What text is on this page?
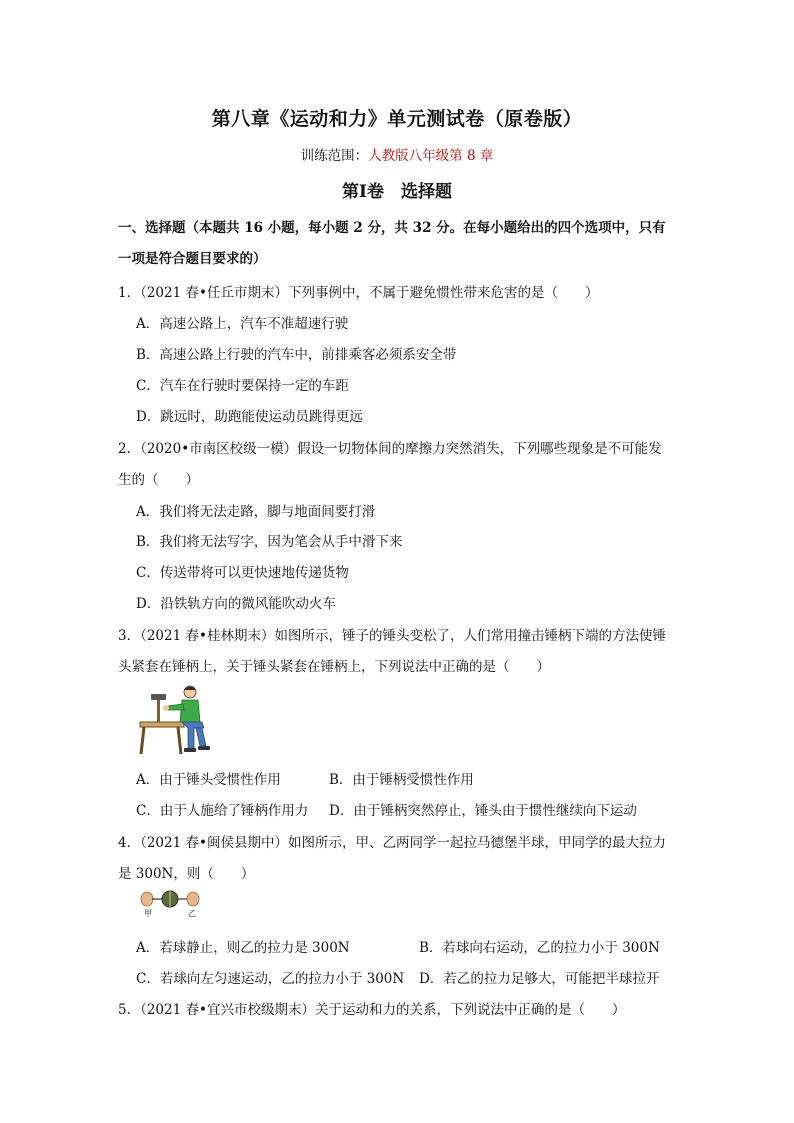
第八章《运动和力》单元测试卷（原卷版）
训练范围：人教版八年级第 8 章
第Ⅰ卷　选择题
一、选择题（本题共 16 小题，每小题 2 分，共 32 分。在每小题给出的四个选项中，只有
一项是符合题目要求的）
1．（2021 春•任丘市期末）下列事例中，不属于避免惯性带来危害的是（　　）
A．高速公路上，汽车不准超速行驶
B．高速公路上行驶的汽车中，前排乘客必须系安全带
C．汽车在行驶时要保持一定的车距
D．跳远时，助跑能使运动员跳得更远
2．（2020•市南区校级一模）假设一切物体间的摩擦力突然消失，下列哪些现象是不可能发
生的（　　）
A．我们将无法走路，脚与地面间要打滑
B．我们将无法写字，因为笔会从手中滑下来
C．传送带将可以更快速地传递货物
D．沿铁轨方向的微风能吹动火车
3．（2021 春•桂林期末）如图所示，锤子的锤头变松了，人们常用撞击锤柄下端的方法使锤
头紧套在锤柄上，关于锤头紧套在锤柄上，下列说法中正确的是（　　）
A．由于锤头受惯性作用	B．由于锤柄受惯性作用
C．由于人施给了锤柄作用力 D．由于锤柄突然停止，锤头由于惯性继续向下运动
4．（2021 春•闽侯县期中）如图所示，甲、乙两同学一起拉马德堡半球，甲同学的最大拉力
是 300N，则（　　）
甲	乙
A．若球静止，则乙的拉力是 300N	B．若球向右运动，乙的拉力小于 300N
C．若球向左匀速运动，乙的拉力小于 300N D．若乙的拉力足够大，可能把半球拉开
5．（2021 春•宜兴市校级期末）关于运动和力的关系，下列说法中正确的是（　　）
